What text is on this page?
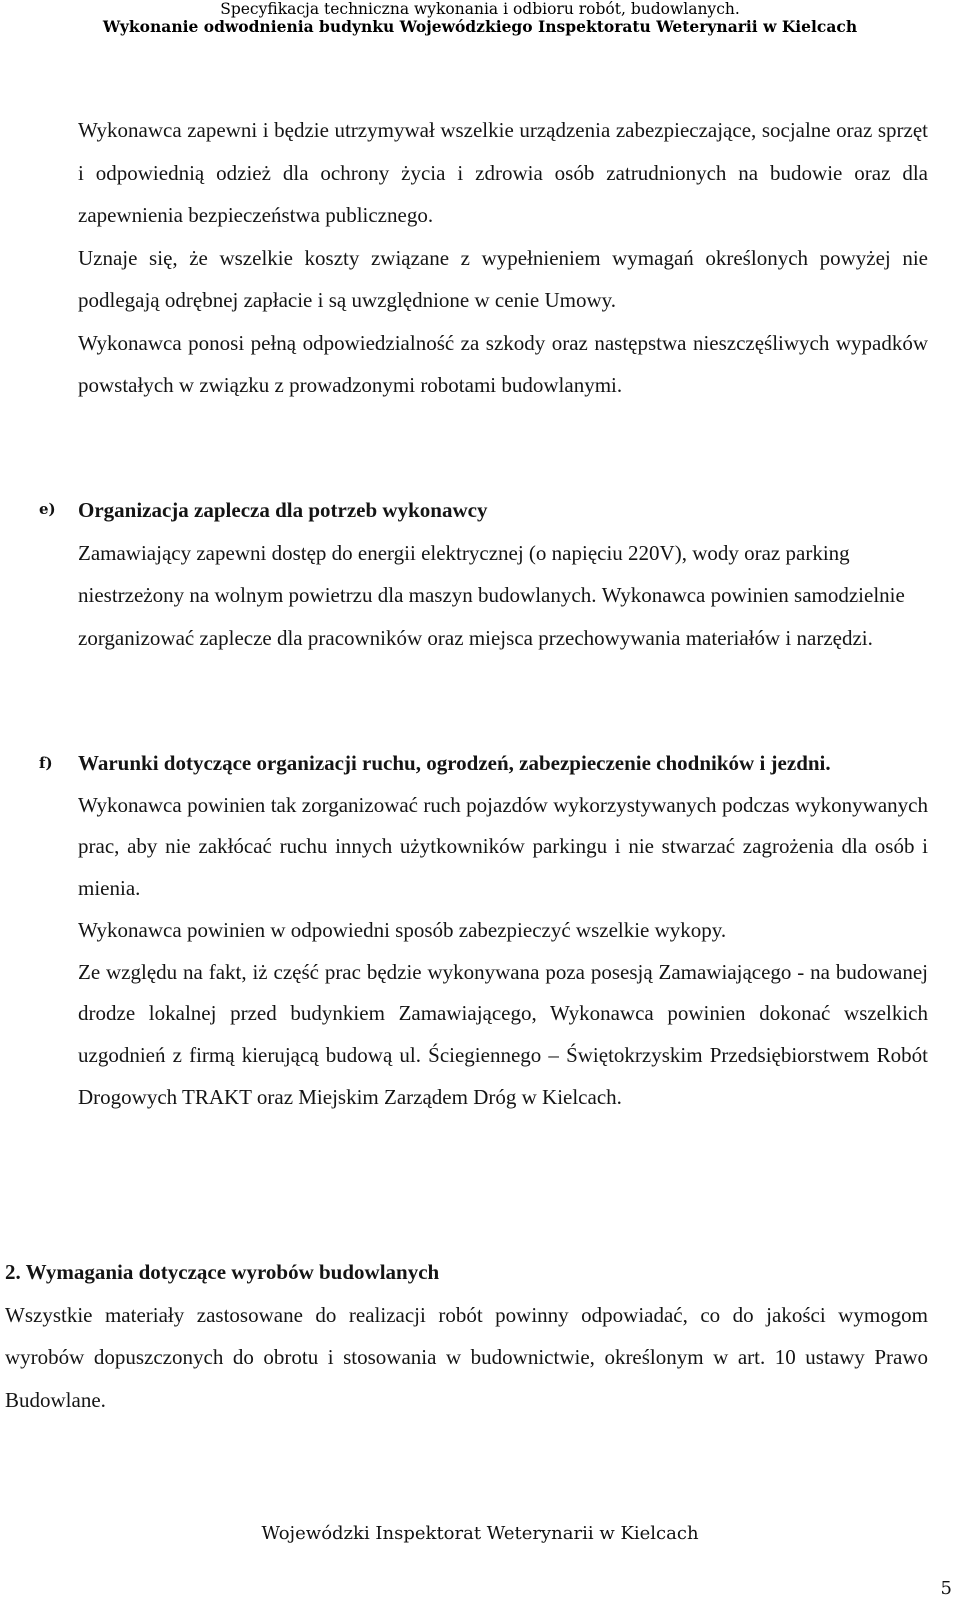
Specyfikacja techniczna wykonania i odbioru robót, budowlanych.
Wykonanie odwodnienia budynku Wojewódzkiego Inspektoratu Weterynarii w Kielcach

Wykonawca zapewni i będzie utrzymywał wszelkie urządzenia zabezpieczające, socjalne oraz sprzęt i odpowiednią odzież dla ochrony życia i zdrowia osób zatrudnionych na budowie oraz dla zapewnienia bezpieczeństwa publicznego.

Uznaje się, że wszelkie koszty związane z wypełnieniem wymagań określonych powyżej nie podlegają odrębnej zapłacie i są uwzględnione w cenie Umowy.

Wykonawca ponosi pełną odpowiedzialność za szkody oraz następstwa nieszczęśliwych wypadków powstałych w związku z prowadzonymi robotami budowlanymi.

e) Organizacja zaplecza dla potrzeb wykonawcy

Zamawiający zapewni dostęp do energii elektrycznej (o napięciu 220V), wody oraz parking niestrzeżony na wolnym powietrzu dla maszyn budowlanych.

Wykonawca powinien samodzielnie zorganizować zaplecze dla pracowników oraz miejsca przechowywania materiałów i narzędzi.

f) Warunki dotyczące organizacji ruchu, ogrodzeń, zabezpieczenie chodników i jezdni.

Wykonawca powinien tak zorganizować ruch pojazdów wykorzystywanych podczas wykonywanych prac, aby nie zakłócać ruchu innych użytkowników parkingu i nie stwarzać zagrożenia dla osób i mienia.

Wykonawca powinien w odpowiedni sposób zabezpieczyć wszelkie wykopy.

Ze względu na fakt, iż część prac będzie wykonywana poza posesją Zamawiającego - na budowanej drodze lokalnej przed budynkiem Zamawiającego, Wykonawca powinien dokonać wszelkich uzgodnień z firmą kierującą budową ul. Ściegiennego – Świętokrzyskim Przedsiębiorstwem Robót Drogowych TRAKT oraz Miejskim Zarządem Dróg w Kielcach.

2. Wymagania dotyczące wyrobów budowlanych

Wszystkie materiały zastosowane do realizacji robót powinny odpowiadać, co do jakości wymogom wyrobów dopuszczonych do obrotu i stosowania w budownictwie, określonym w art. 10 ustawy Prawo Budowlane.

Wojewódzki Inspektorat Weterynarii w Kielcach
5
